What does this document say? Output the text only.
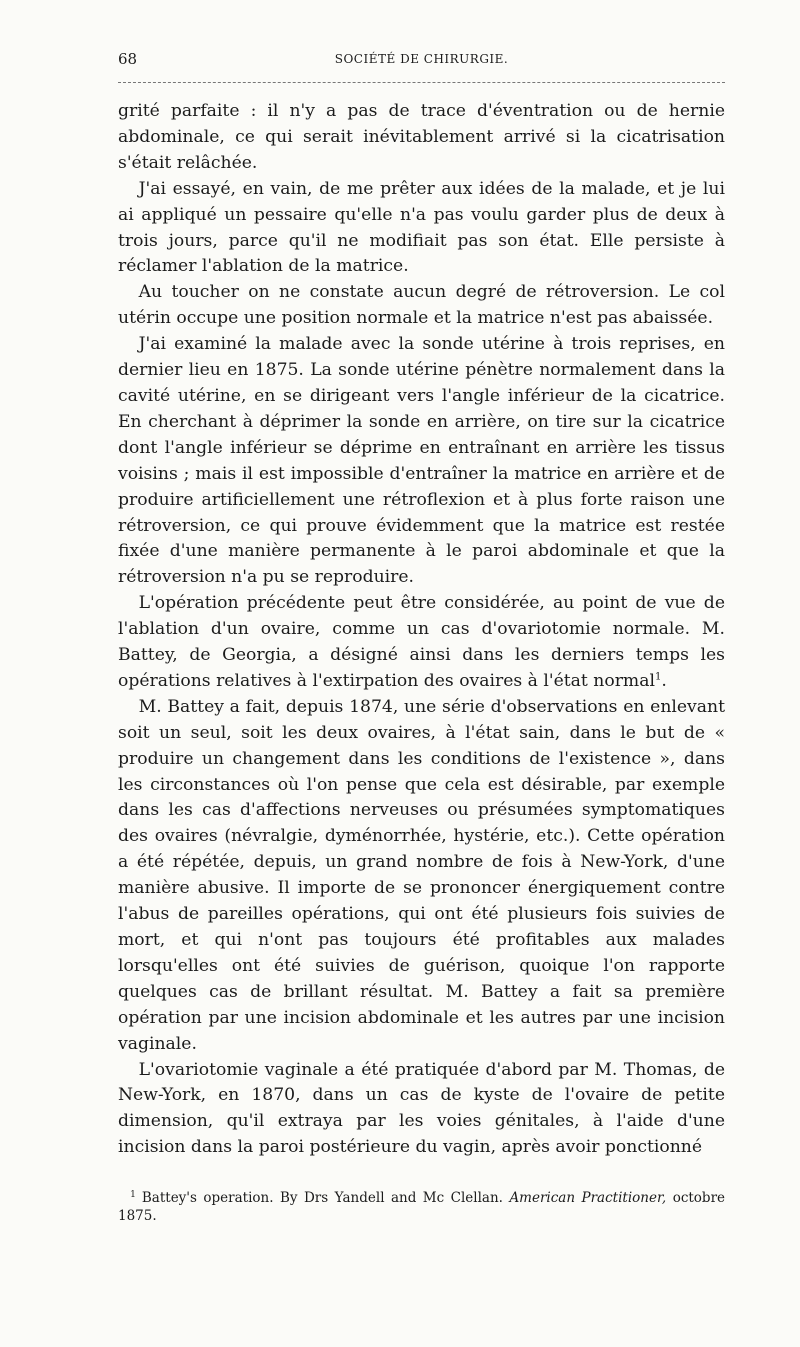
68	SOCIÉTÉ DE CHIRURGIE.

grité parfaite : il n'y a pas de trace d'éventration ou de hernie abdominale, ce qui serait inévitablement arrivé si la cicatrisation s'était relâchée.

J'ai essayé, en vain, de me prêter aux idées de la malade, et je lui ai appliqué un pessaire qu'elle n'a pas voulu garder plus de deux à trois jours, parce qu'il ne modifiait pas son état. Elle persiste à réclamer l'ablation de la matrice.

Au toucher on ne constate aucun degré de rétroversion. Le col utérin occupe une position normale et la matrice n'est pas abaissée.

J'ai examiné la malade avec la sonde utérine à trois reprises, en dernier lieu en 1875. La sonde utérine pénètre normalement dans la cavité utérine, en se dirigeant vers l'angle inférieur de la cicatrice. En cherchant à déprimer la sonde en arrière, on tire sur la cicatrice dont l'angle inférieur se déprime en entraînant en arrière les tissus voisins ; mais il est impossible d'entraîner la matrice en arrière et de produire artificiellement une rétroflexion et à plus forte raison une rétroversion, ce qui prouve évidemment que la matrice est restée fixée d'une manière permanente à le paroi abdominale et que la rétroversion n'a pu se reproduire.

L'opération précédente peut être considérée, au point de vue de l'ablation d'un ovaire, comme un cas d'ovariotomie normale. M. Battey, de Georgia, a désigné ainsi dans les derniers temps les opérations relatives à l'extirpation des ovaires à l'état normal$^1$.

M. Battey a fait, depuis 1874, une série d'observations en enlevant soit un seul, soit les deux ovaires, à l'état sain, dans le but de « produire un changement dans les conditions de l'existence », dans les circonstances où l'on pense que cela est désirable, par exemple dans les cas d'affections nerveuses ou présumées symptomatiques des ovaires (névralgie, dyménorrhée, hystérie, etc.). Cette opération a été répétée, depuis, un grand nombre de fois à New-York, d'une manière abusive. Il importe de se prononcer énergiquement contre l'abus de pareilles opérations, qui ont été plusieurs fois suivies de mort, et qui n'ont pas toujours été profitables aux malades lorsqu'elles ont été suivies de guérison, quoique l'on rapporte quelques cas de brillant résultat. M. Battey a fait sa première opération par une incision abdominale et les autres par une incision vaginale.

L'ovariotomie vaginale a été pratiquée d'abord par M. Thomas, de New-York, en 1870, dans un cas de kyste de l'ovaire de petite dimension, qu'il extraya par les voies génitales, à l'aide d'une incision dans la paroi postérieure du vagin, après avoir ponctionné

$^1$ Battey's operation. By Drs Yandell and Mc Clellan. American Practitioner, octobre 1875.
